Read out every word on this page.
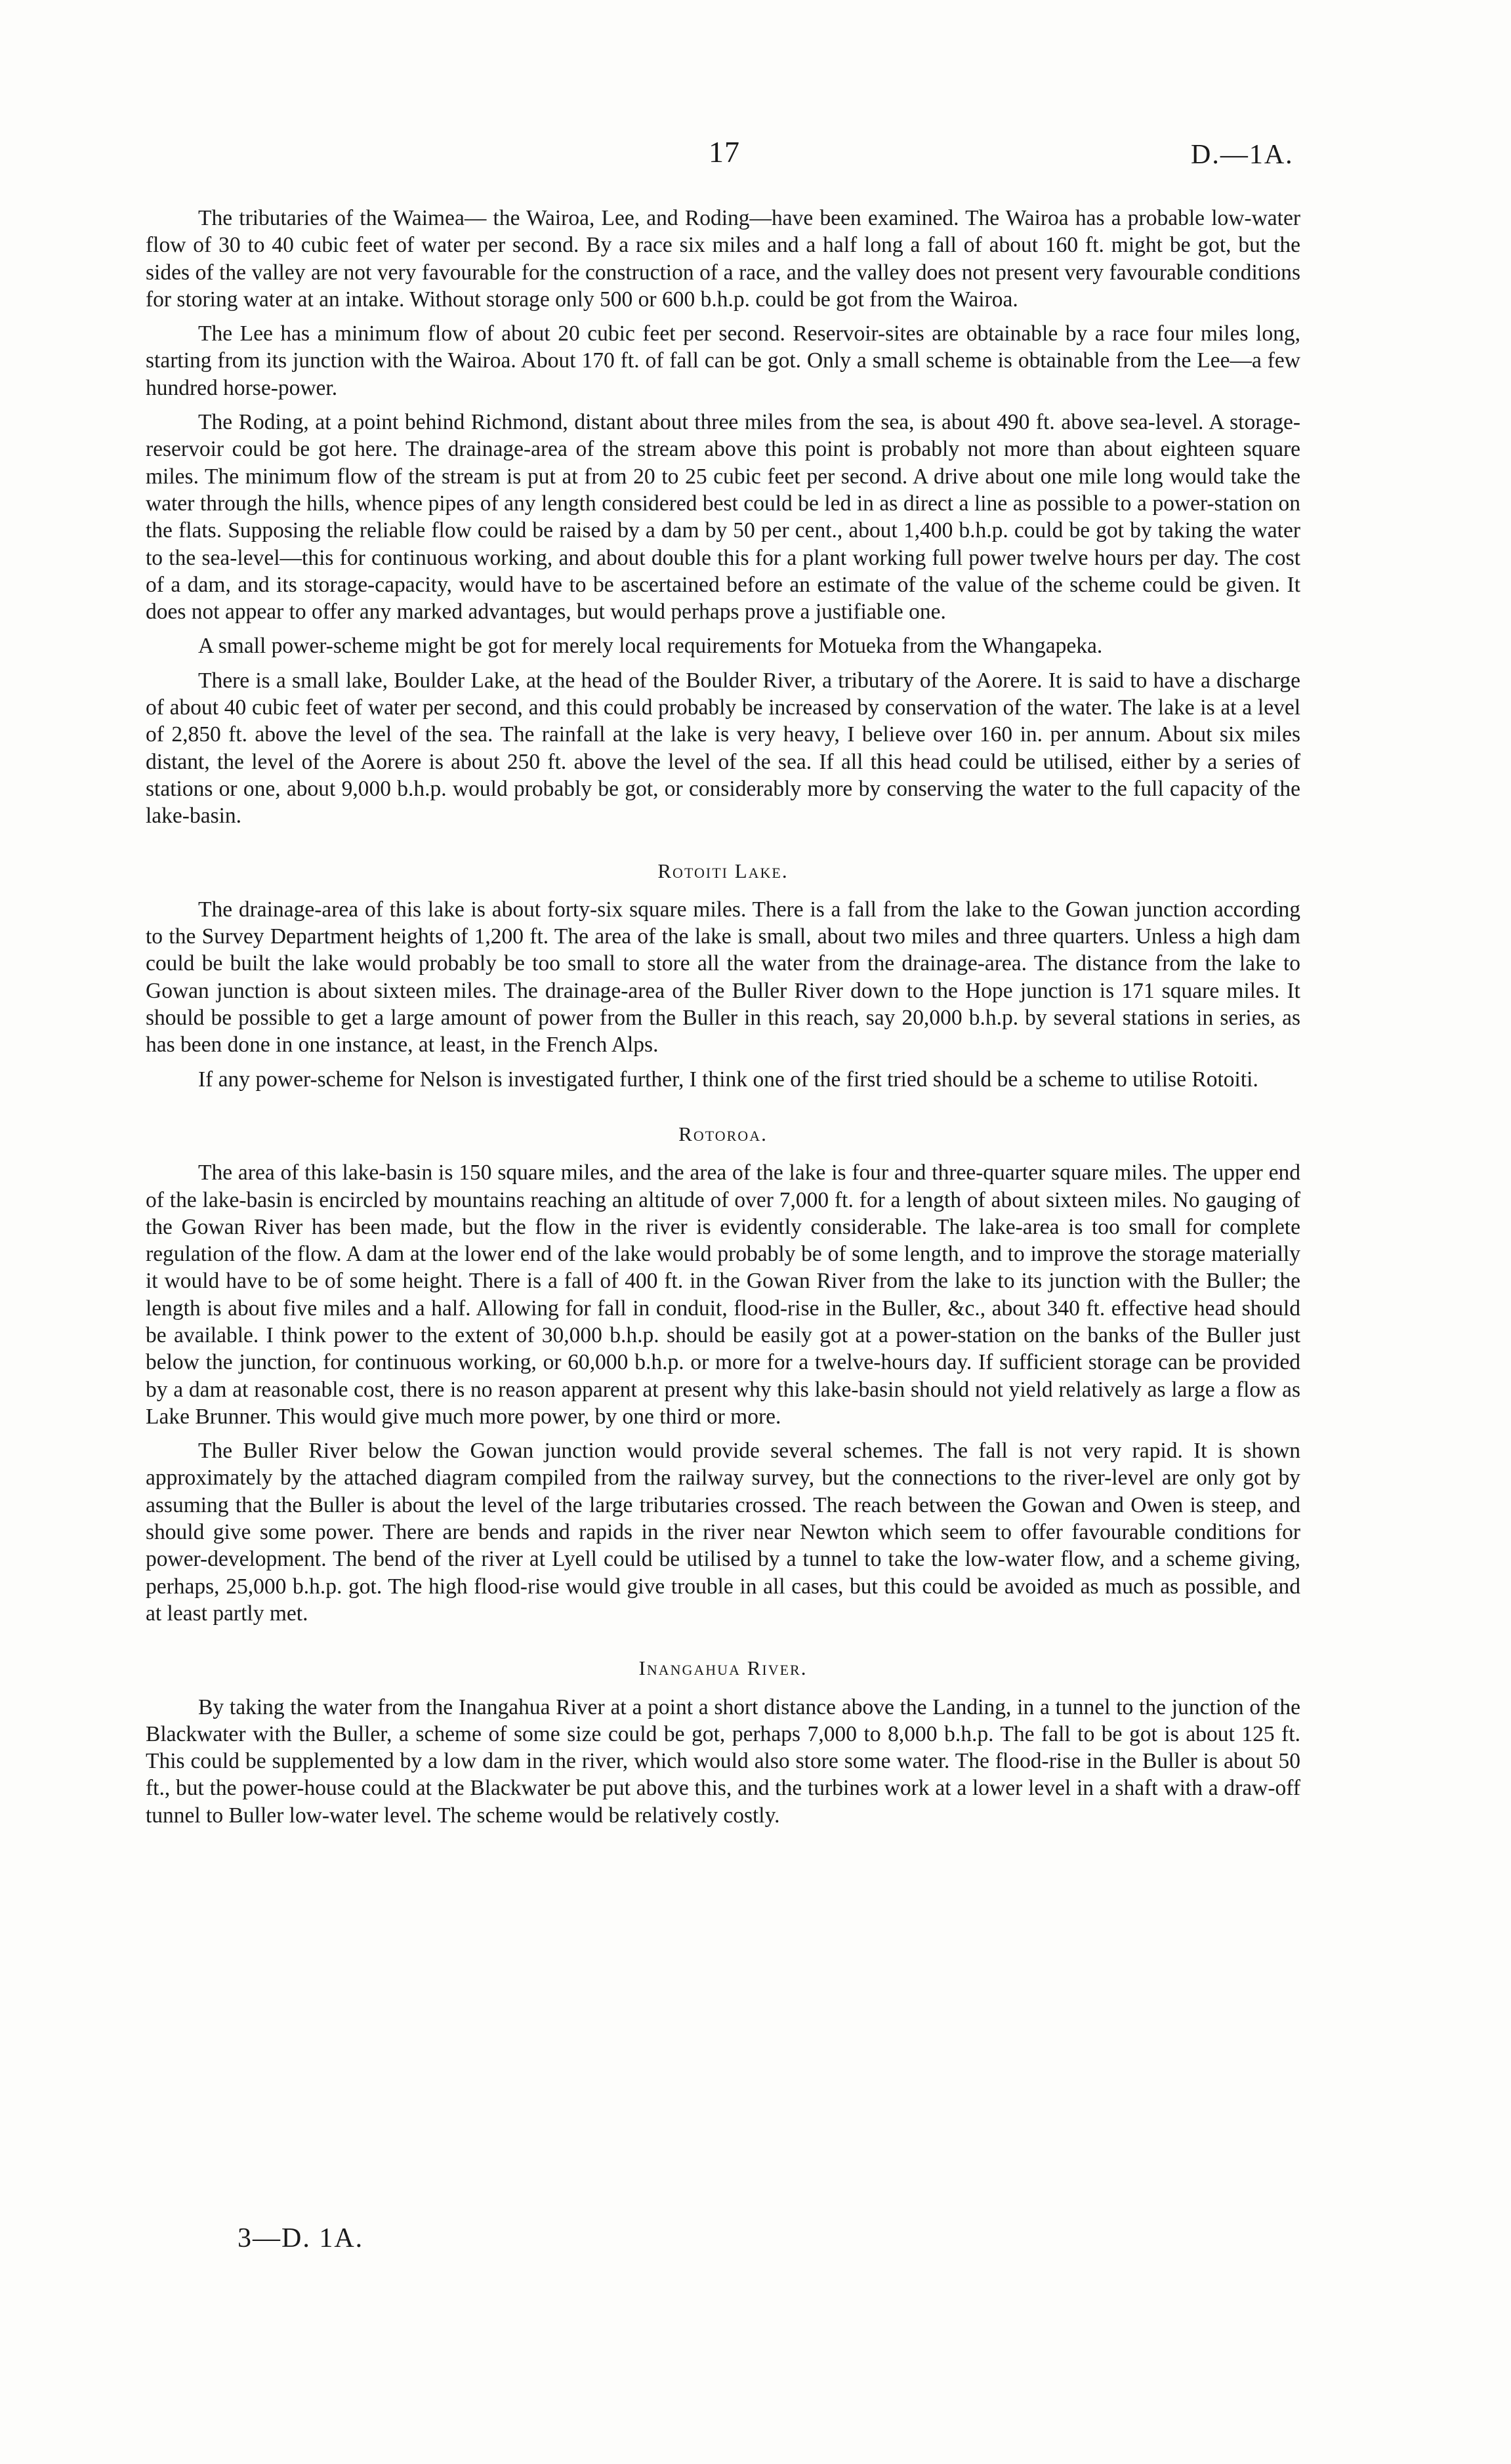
17	D.—1A.

The tributaries of the Waimea— the Wairoa, Lee, and Roding—have been examined. The Wairoa has a probable low-water flow of 30 to 40 cubic feet of water per second. By a race six miles and a half long a fall of about 160 ft. might be got, but the sides of the valley are not very favourable for the construction of a race, and the valley does not present very favourable conditions for storing water at an intake. Without storage only 500 or 600 b.h.p. could be got from the Wairoa.

The Lee has a minimum flow of about 20 cubic feet per second. Reservoir-sites are obtainable by a race four miles long, starting from its junction with the Wairoa. About 170 ft. of fall can be got. Only a small scheme is obtainable from the Lee—a few hundred horse-power.

The Roding, at a point behind Richmond, distant about three miles from the sea, is about 490 ft. above sea-level. A storage-reservoir could be got here. The drainage-area of the stream above this point is probably not more than about eighteen square miles. The minimum flow of the stream is put at from 20 to 25 cubic feet per second. A drive about one mile long would take the water through the hills, whence pipes of any length considered best could be led in as direct a line as possible to a power-station on the flats. Supposing the reliable flow could be raised by a dam by 50 per cent., about 1,400 b.h.p. could be got by taking the water to the sea-level—this for continuous working, and about double this for a plant working full power twelve hours per day. The cost of a dam, and its storage-capacity, would have to be ascertained before an estimate of the value of the scheme could be given. It does not appear to offer any marked advantages, but would perhaps prove a justifiable one.

A small power-scheme might be got for merely local requirements for Motueka from the Whangapeka.

There is a small lake, Boulder Lake, at the head of the Boulder River, a tributary of the Aorere. It is said to have a discharge of about 40 cubic feet of water per second, and this could probably be increased by conservation of the water. The lake is at a level of 2,850 ft. above the level of the sea. The rainfall at the lake is very heavy, I believe over 160 in. per annum. About six miles distant, the level of the Aorere is about 250 ft. above the level of the sea. If all this head could be utilised, either by a series of stations or one, about 9,000 b.h.p. would probably be got, or considerably more by conserving the water to the full capacity of the lake-basin.

Rotoiti Lake.

The drainage-area of this lake is about forty-six square miles. There is a fall from the lake to the Gowan junction according to the Survey Department heights of 1,200 ft. The area of the lake is small, about two miles and three quarters. Unless a high dam could be built the lake would probably be too small to store all the water from the drainage-area. The distance from the lake to Gowan junction is about sixteen miles. The drainage-area of the Buller River down to the Hope junction is 171 square miles. It should be possible to get a large amount of power from the Buller in this reach, say 20,000 b.h.p. by several stations in series, as has been done in one instance, at least, in the French Alps.

If any power-scheme for Nelson is investigated further, I think one of the first tried should be a scheme to utilise Rotoiti.

Rotoroa.

The area of this lake-basin is 150 square miles, and the area of the lake is four and three-quarter square miles. The upper end of the lake-basin is encircled by mountains reaching an altitude of over 7,000 ft. for a length of about sixteen miles. No gauging of the Gowan River has been made, but the flow in the river is evidently considerable. The lake-area is too small for complete regulation of the flow. A dam at the lower end of the lake would probably be of some length, and to improve the storage materially it would have to be of some height. There is a fall of 400 ft. in the Gowan River from the lake to its junction with the Buller; the length is about five miles and a half. Allowing for fall in conduit, flood-rise in the Buller, &c., about 340 ft. effective head should be available. I think power to the extent of 30,000 b.h.p. should be easily got at a power-station on the banks of the Buller just below the junction, for continuous working, or 60,000 b.h.p. or more for a twelve-hours day. If sufficient storage can be provided by a dam at reasonable cost, there is no reason apparent at present why this lake-basin should not yield relatively as large a flow as Lake Brunner. This would give much more power, by one third or more.

The Buller River below the Gowan junction would provide several schemes. The fall is not very rapid. It is shown approximately by the attached diagram compiled from the railway survey, but the connections to the river-level are only got by assuming that the Buller is about the level of the large tributaries crossed. The reach between the Gowan and Owen is steep, and should give some power. There are bends and rapids in the river near Newton which seem to offer favourable conditions for power-development. The bend of the river at Lyell could be utilised by a tunnel to take the low-water flow, and a scheme giving, perhaps, 25,000 b.h.p. got. The high flood-rise would give trouble in all cases, but this could be avoided as much as possible, and at least partly met.

Inangahua River.

By taking the water from the Inangahua River at a point a short distance above the Landing, in a tunnel to the junction of the Blackwater with the Buller, a scheme of some size could be got, perhaps 7,000 to 8,000 b.h.p. The fall to be got is about 125 ft. This could be supplemented by a low dam in the river, which would also store some water. The flood-rise in the Buller is about 50 ft., but the power-house could at the Blackwater be put above this, and the turbines work at a lower level in a shaft with a draw-off tunnel to Buller low-water level. The scheme would be relatively costly.

3—D. 1A.
